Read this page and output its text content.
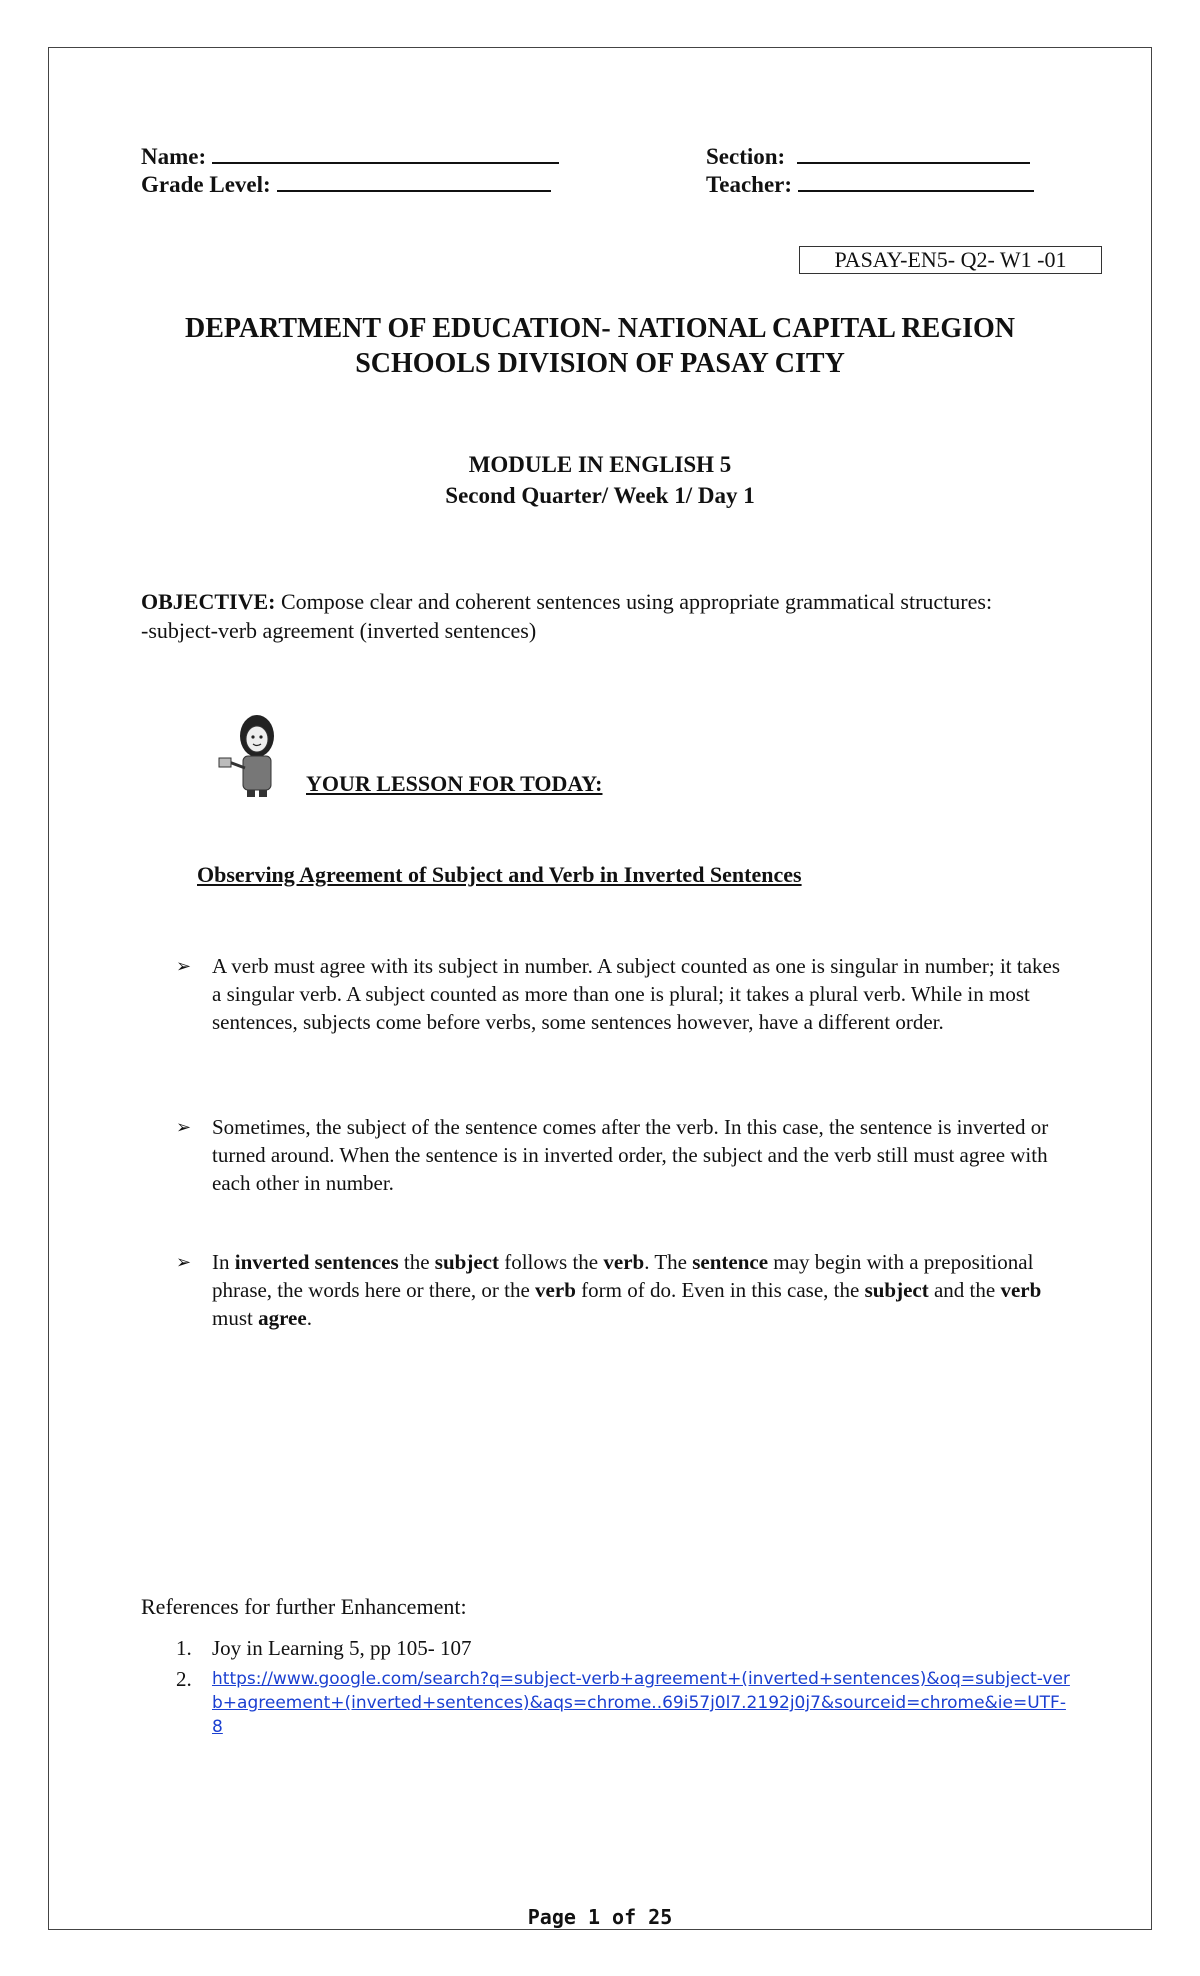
Name:
Grade Level:
Section:
Teacher:
PASAY-EN5- Q2- W1 -01
DEPARTMENT OF EDUCATION- NATIONAL CAPITAL REGION
SCHOOLS DIVISION OF PASAY CITY
MODULE IN ENGLISH 5
Second Quarter/ Week 1/ Day 1
OBJECTIVE: Compose clear and coherent sentences using appropriate grammatical structures:
-subject-verb agreement (inverted sentences)
YOUR LESSON FOR TODAY:
Observing Agreement of Subject and Verb in Inverted Sentences
➢ A verb must agree with its subject in number. A subject counted as one is singular in number; it takes a singular verb. A subject counted as more than one is plural; it takes a plural verb. While in most sentences, subjects come before verbs, some sentences however, have a different order.
➢ Sometimes, the subject of the sentence comes after the verb. In this case, the sentence is inverted or turned around. When the sentence is in inverted order, the subject and the verb still must agree with each other in number.
➢ In inverted sentences the subject follows the verb. The sentence may begin with a prepositional phrase, the words here or there, or the verb form of do. Even in this case, the subject and the verb must agree.
References for further Enhancement:
1. Joy in Learning 5, pp 105- 107
2. https://www.google.com/search?q=subject-verb+agreement+(inverted+sentences)&oq=subject-verb+agreement+(inverted+sentences)&aqs=chrome..69i57j0l7.2192j0j7&sourceid=chrome&ie=UTF-8
Page 1 of 25
